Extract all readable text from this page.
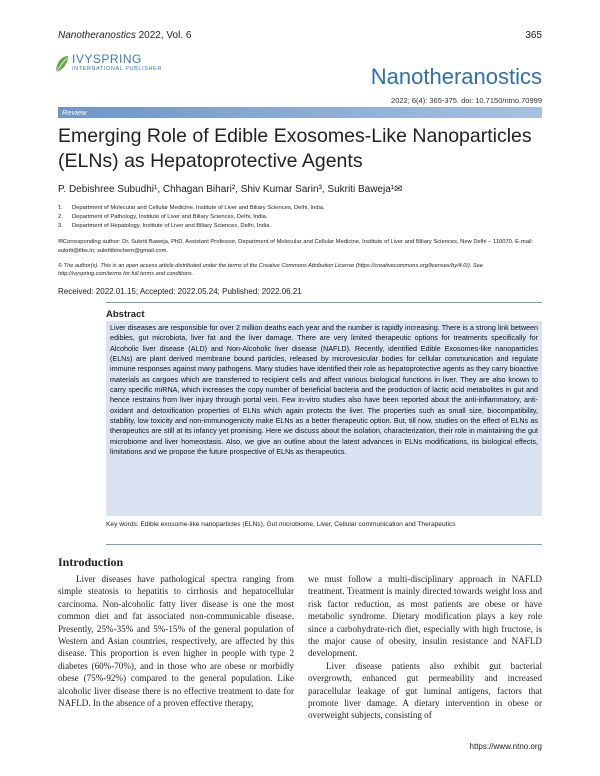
Nanotheranostics 2022, Vol. 6	365
IVYSPRING
INTERNATIONAL PUBLISHER	Nanotheranostics
2022; 6(4): 365-375. doi: 10.7150/ntno.70999
Review
Emerging Role of Edible Exosomes-Like Nanoparticles (ELNs) as Hepatoprotective Agents
P. Debishree Subudhi¹, Chhagan Bihari², Shiv Kumar Sarin³, Sukriti Baweja¹✉
1. Department of Molecular and Cellular Medicine, Institute of Liver and Biliary Sciences, Delhi, India.
2. Department of Pathology, Institute of Liver and Biliary Sciences, Delhi, India.
3. Department of Hepatology, Institute of Liver and Biliary Sciences, Delhi, India.
✉Corresponding author: Dr. Sukriti Baweja, PhD, Assistant Professor, Department of Molecular and Cellular Medicine, Institute of Liver and Biliary Sciences, New Delhi – 110070. E-mail: sukriti@ilbs.in; sukritibiochem@gmail.com.
© The author(s). This is an open access article distributed under the terms of the Creative Commons Attribution License (https://creativecommons.org/licenses/by/4.0/). See http://ivyspring.com/terms for full terms and conditions.
Received: 2022.01.15; Accepted: 2022.05.24; Published: 2022.06.21
Abstract
Liver diseases are responsible for over 2 million deaths each year and the number is rapidly increasing. There is a strong link between edibles, gut microbiota, liver fat and the liver damage. There are very limited therapeutic options for treatments specifically for Alcoholic liver disease (ALD) and Non-Alcoholic liver disease (NAFLD). Recently, identified Edible Exosomes-like nanoparticles (ELNs) are plant derived membrane bound particles, released by microvesicular bodies for cellular communication and regulate immune responses against many pathogens. Many studies have identified their role as hepatoprotective agents as they carry bioactive materials as cargoes which are transferred to recipient cells and affect various biological functions in liver. They are also known to carry specific miRNA, which increases the copy number of beneficial bacteria and the production of lactic acid metabolites in gut and hence restrains from liver injury through portal vein. Few in-vitro studies also have been reported about the anti-inflammatory, anti-oxidant and detoxification properties of ELNs which again protects the liver. The properties such as small size, biocompatibility, stability, low toxicity and non-immunogenicity make ELNs as a better therapeutic option. But, till now, studies on the effect of ELNs as therapeutics are still at its infancy yet promising. Here we discuss about the isolation, characterization, their role in maintaining the gut microbiome and liver homeostasis. Also, we give an outline about the latest advances in ELNs modifications, its biological effects, limitations and we propose the future prospective of ELNs as therapeutics.
Key words: Edible exosome-like nanoparticles (ELNs), Gut microbiome, Liver, Cellular communication and Therapeutics
Introduction

Liver diseases have pathological spectra ranging from simple steatosis to hepatitis to cirrhosis and hepatocellular carcinoma. Non-alcoholic fatty liver disease is one the most common diet and fat associated non-communicable disease. Presently, 25%-35% and 5%-15% of the general population of Western and Asian countries, respectively, are affected by this disease. This proportion is even higher in people with type 2 diabetes (60%-70%), and in those who are obese or morbidly obese (75%-92%) compared to the general population. Like alcoholic liver disease there is no effective treatment to date for NAFLD. In the absence of a proven effective therapy,

we must follow a multi-disciplinary approach in NAFLD treatment. Treatment is mainly directed towards weight loss and risk factor reduction, as most patients are obese or have metabolic syndrome. Dietary modification plays a key role since a carbohydrate-rich diet, especially with high fructose, is the major cause of obesity, insulin resistance and NAFLD development.

Liver disease patients also exhibit gut bacterial overgrowth, enhanced gut permeability and increased paracellular leakage of gut luminal antigens, factors that promote liver damage. A dietary intervention in obese or overweight subjects, consisting of

https://www.ntno.org
